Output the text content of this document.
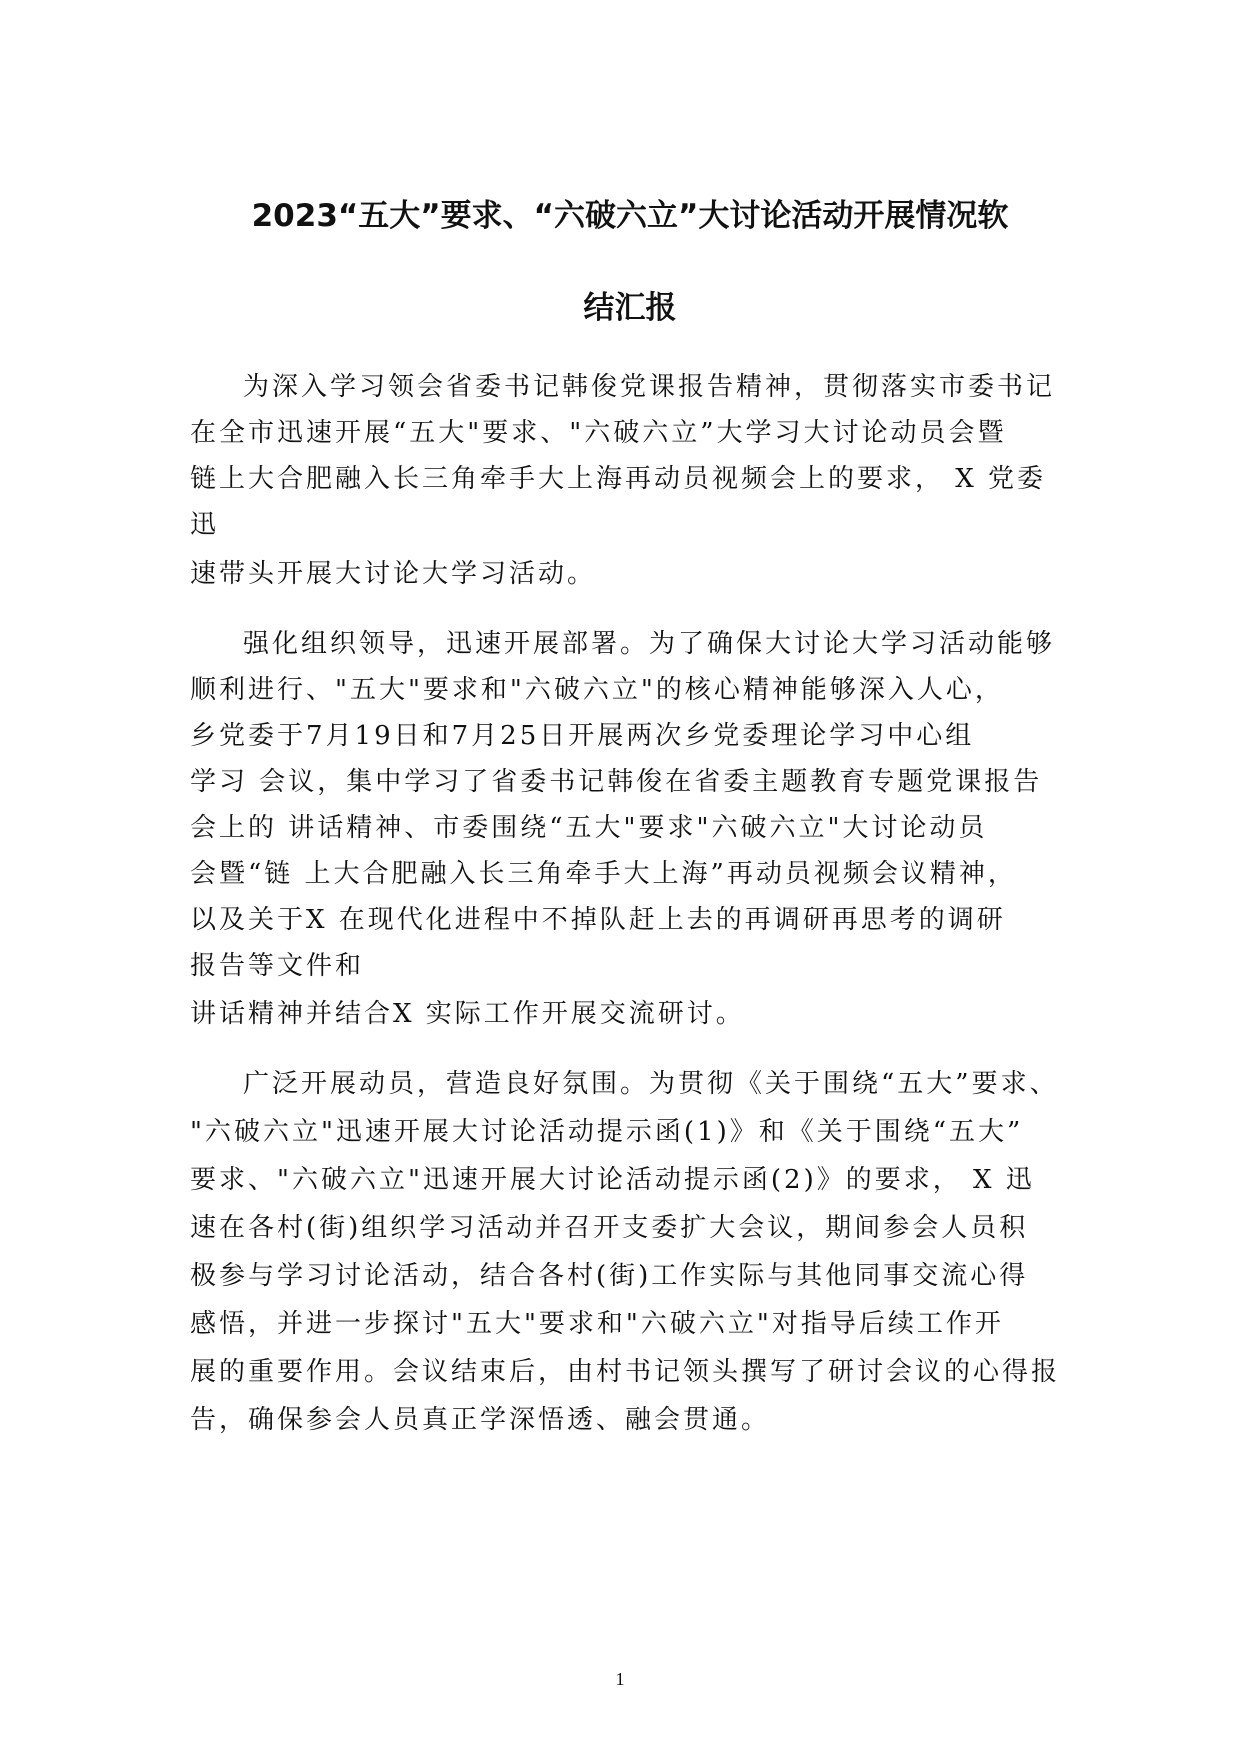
2023“五大”要求、“六破六立”大讨论活动开展情况软
结汇报
为深入学习领会省委书记韩俊党课报告精神，贯彻落实市委书记
在全市迅速开展“五大"要求、"六破六立”大学习大讨论动员会暨
链上大合肥融入长三角牵手大上海再动员视频会上的要求， X 党委
迅
速带头开展大讨论大学习活动。
强化组织领导，迅速开展部署。为了确保大讨论大学习活动能够
顺利进行、"五大"要求和"六破六立"的核心精神能够深入人心，
乡党委于7月19日和7月25日开展两次乡党委理论学习中心组
学习 会议，集中学习了省委书记韩俊在省委主题教育专题党课报告
会上的 讲话精神、市委围绕“五大"要求"六破六立"大讨论动员
会暨“链 上大合肥融入长三角牵手大上海”再动员视频会议精神，
以及关于X 在现代化进程中不掉队赶上去的再调研再思考的调研
报告等文件和
讲话精神并结合X 实际工作开展交流研讨。
广泛开展动员，营造良好氛围。为贯彻《关于围绕“五大”要求、
"六破六立"迅速开展大讨论活动提示函(1)》和《关于围绕“五大”
要求、"六破六立"迅速开展大讨论活动提示函(2)》的要求， X 迅
速在各村(街)组织学习活动并召开支委扩大会议，期间参会人员积
极参与学习讨论活动，结合各村(街)工作实际与其他同事交流心得
感悟，并进一步探讨"五大"要求和"六破六立"对指导后续工作开
展的重要作用。会议结束后，由村书记领头撰写了研讨会议的心得报
告，确保参会人员真正学深悟透、融会贯通。
1
